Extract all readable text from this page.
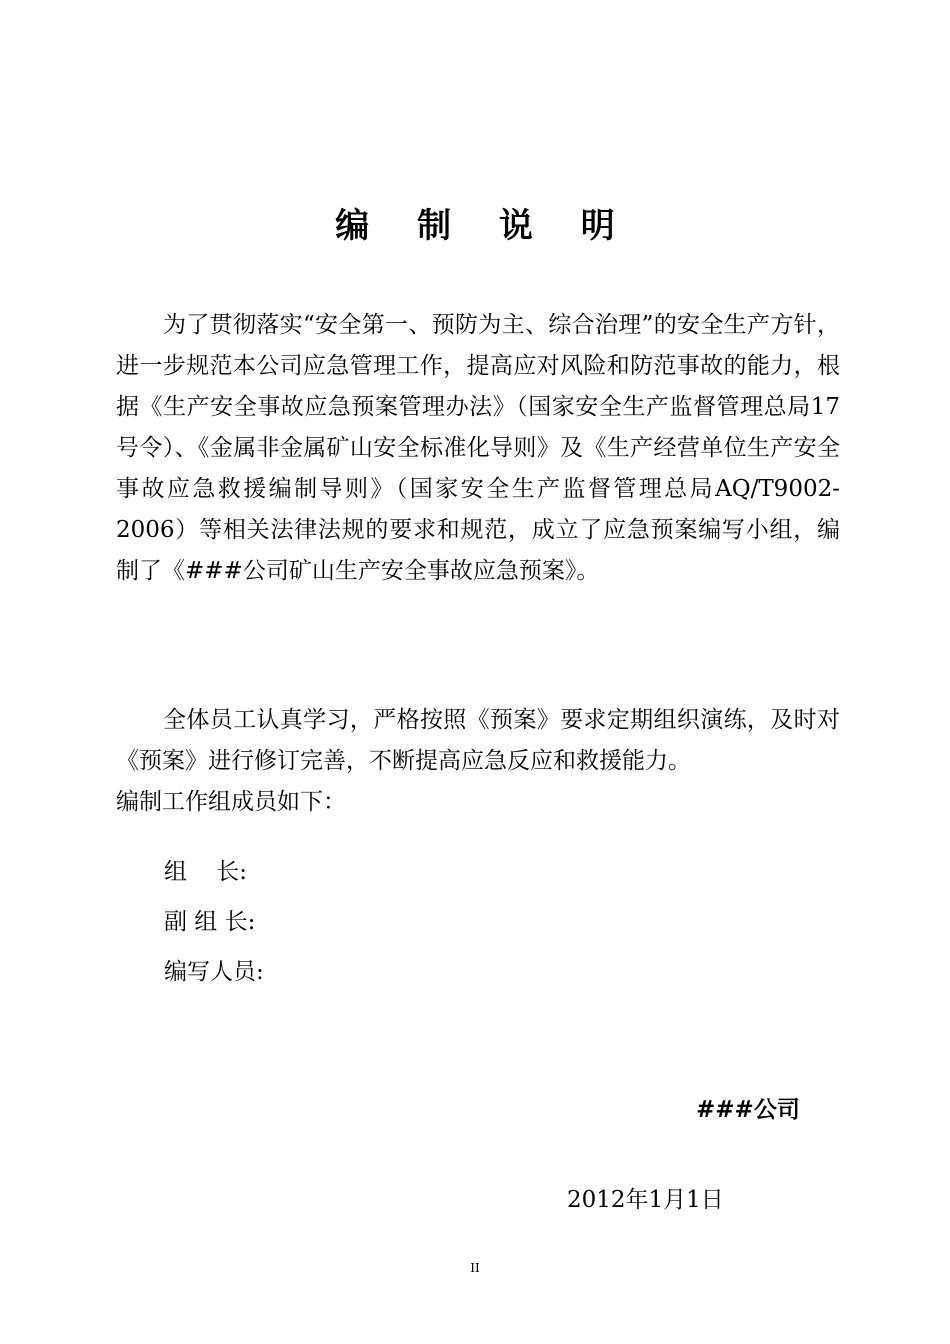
编 制 说 明

为了贯彻落实“安全第一、预防为主、综合治理”的安全生产方针，进一步规范本公司应急管理工作，提高应对风险和防范事故的能力，根据《生产安全事故应急预案管理办法》（国家安全生产监督管理总局17号令）、《金属非金属矿山安全标准化导则》及《生产经营单位生产安全事故应急救援编制导则》（国家安全生产监督管理总局AQ/T9002-2006）等相关法律法规的要求和规范，成立了应急预案编写小组，编制了《###公司矿山生产安全事故应急预案》。

全体员工认真学习，严格按照《预案》要求定期组织演练，及时对《预案》进行修订完善，不断提高应急反应和救援能力。

编制工作组成员如下：

组    长:
副 组 长:
编写人员:
###公司
2012年1月1日
II
